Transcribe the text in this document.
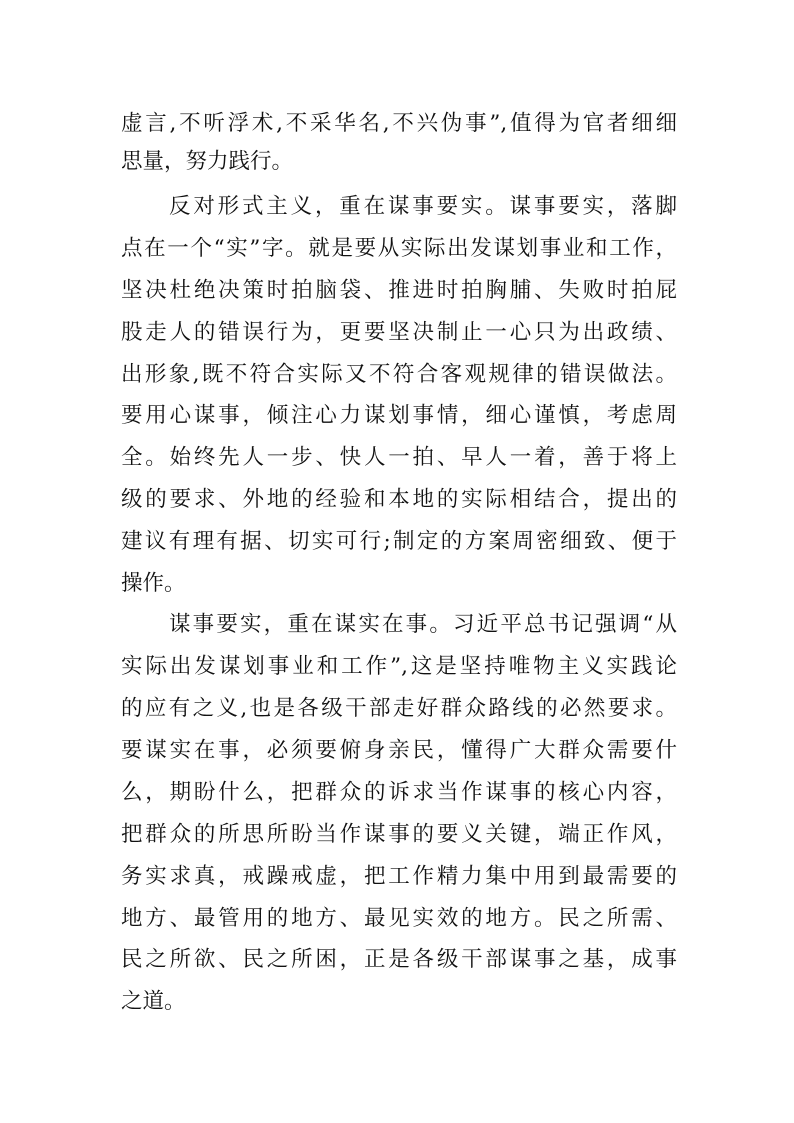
虚言,不听浮术,不采华名,不兴伪事”,值得为官者细细
思量，努力践行。
反对形式主义，重在谋事要实。谋事要实，落脚
点在一个“实”字。就是要从实际出发谋划事业和工作，
坚决杜绝决策时拍脑袋、推进时拍胸脯、失败时拍屁
股走人的错误行为，更要坚决制止一心只为出政绩、
出形象,既不符合实际又不符合客观规律的错误做法。
要用心谋事，倾注心力谋划事情，细心谨慎，考虑周
全。始终先人一步、快人一拍、早人一着，善于将上
级的要求、外地的经验和本地的实际相结合，提出的
建议有理有据、切实可行;制定的方案周密细致、便于
操作。
谋事要实，重在谋实在事。习近平总书记强调“从
实际出发谋划事业和工作”,这是坚持唯物主义实践论
的应有之义,也是各级干部走好群众路线的必然要求。
要谋实在事，必须要俯身亲民，懂得广大群众需要什
么，期盼什么，把群众的诉求当作谋事的核心内容，
把群众的所思所盼当作谋事的要义关键，端正作风，
务实求真，戒躁戒虚，把工作精力集中用到最需要的
地方、最管用的地方、最见实效的地方。民之所需、
民之所欲、民之所困，正是各级干部谋事之基，成事
之道。
